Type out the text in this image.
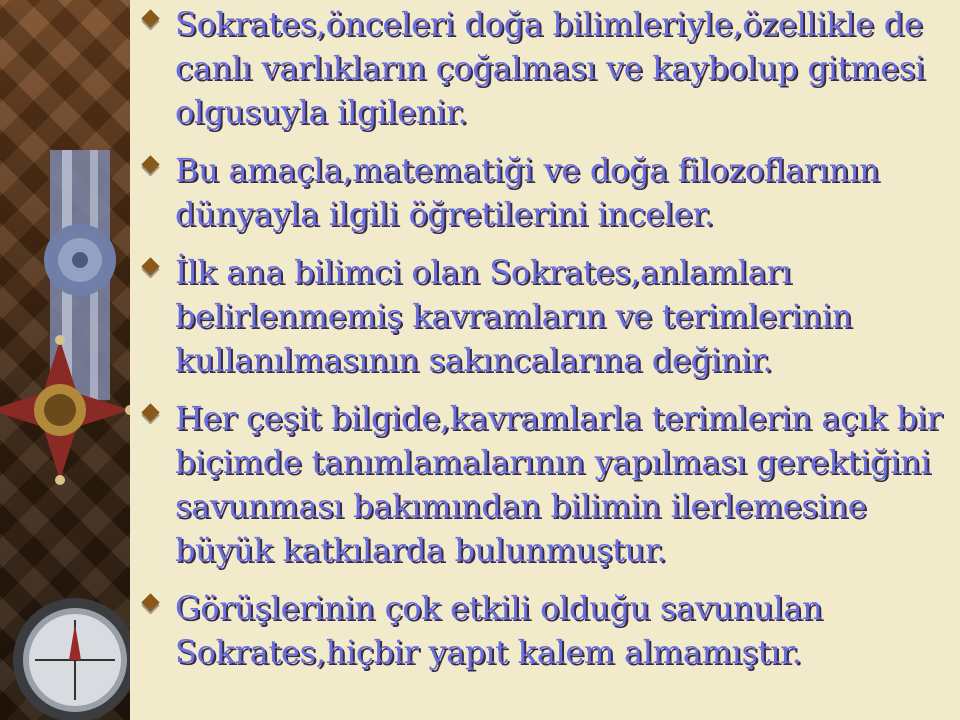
Sokrates,önceleri doğa bilimleriyle,özellikle de canlı varlıkların çoğalması ve kaybolup gitmesi olgusuyla ilgilenir.
Bu amaçla,matematiği ve doğa filozoflarının dünyayla ilgili öğretilerini inceler.
İlk ana bilimci olan Sokrates,anlamları belirlenmemiş kavramların ve terimlerinin kullanılmasının sakıncalarına değinir.
Her çeşit bilgide,kavramlarla terimlerin açık bir biçimde tanımlamalarının yapılması gerektiğini savunması bakımından bilimin ilerlemesine büyük katkılarda bulunmuştur.
Görüşlerinin çok etkili olduğu savunulan Sokrates,hiçbir yapıt kalem almamıştır.
